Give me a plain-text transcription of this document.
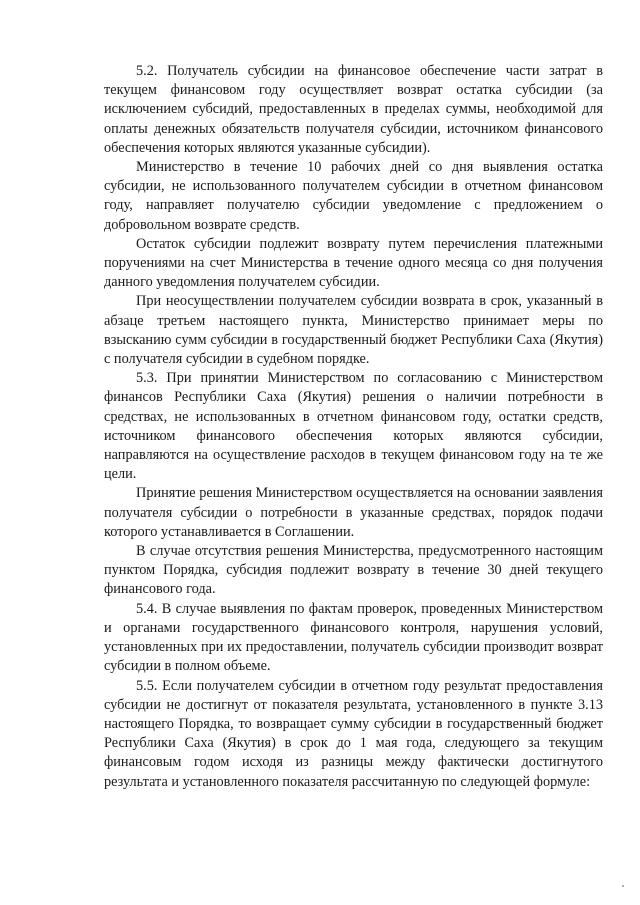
5.2. Получатель субсидии на финансовое обеспечение части затрат в текущем финансовом году осуществляет возврат остатка субсидии (за исключением субсидий, предоставленных в пределах суммы, необходимой для оплаты денежных обязательств получателя субсидии, источником финансового обеспечения которых являются указанные субсидии).

Министерство в течение 10 рабочих дней со дня выявления остатка субсидии, не использованного получателем субсидии в отчетном финансовом году, направляет получателю субсидии уведомление с предложением о добровольном возврате средств.

Остаток субсидии подлежит возврату путем перечисления платежными поручениями на счет Министерства в течение одного месяца со дня получения данного уведомления получателем субсидии.

При неосуществлении получателем субсидии возврата в срок, указанный в абзаце третьем настоящего пункта, Министерство принимает меры по взысканию сумм субсидии в государственный бюджет Республики Саха (Якутия) с получателя субсидии в судебном порядке.

5.3. При принятии Министерством по согласованию с Министерством финансов Республики Саха (Якутия) решения о наличии потребности в средствах, не использованных в отчетном финансовом году, остатки средств, источником финансового обеспечения которых являются субсидии, направляются на осуществление расходов в текущем финансовом году на те же цели.

Принятие решения Министерством осуществляется на основании заявления получателя субсидии о потребности в указанные средствах, порядок подачи которого устанавливается в Соглашении.

В случае отсутствия решения Министерства, предусмотренного настоящим пунктом Порядка, субсидия подлежит возврату в течение 30 дней текущего финансового года.

5.4. В случае выявления по фактам проверок, проведенных Министерством и органами государственного финансового контроля, нарушения условий, установленных при их предоставлении, получатель субсидии производит возврат субсидии в полном объеме.

5.5. Если получателем субсидии в отчетном году результат предоставления субсидии не достигнут от показателя результата, установленного в пункте 3.13 настоящего Порядка, то возвращает сумму субсидии в государственный бюджет Республики Саха (Якутия) в срок до 1 мая года, следующего за текущим финансовым годом исходя из разницы между фактически достигнутого результата и установленного показателя рассчитанную по следующей формуле:
